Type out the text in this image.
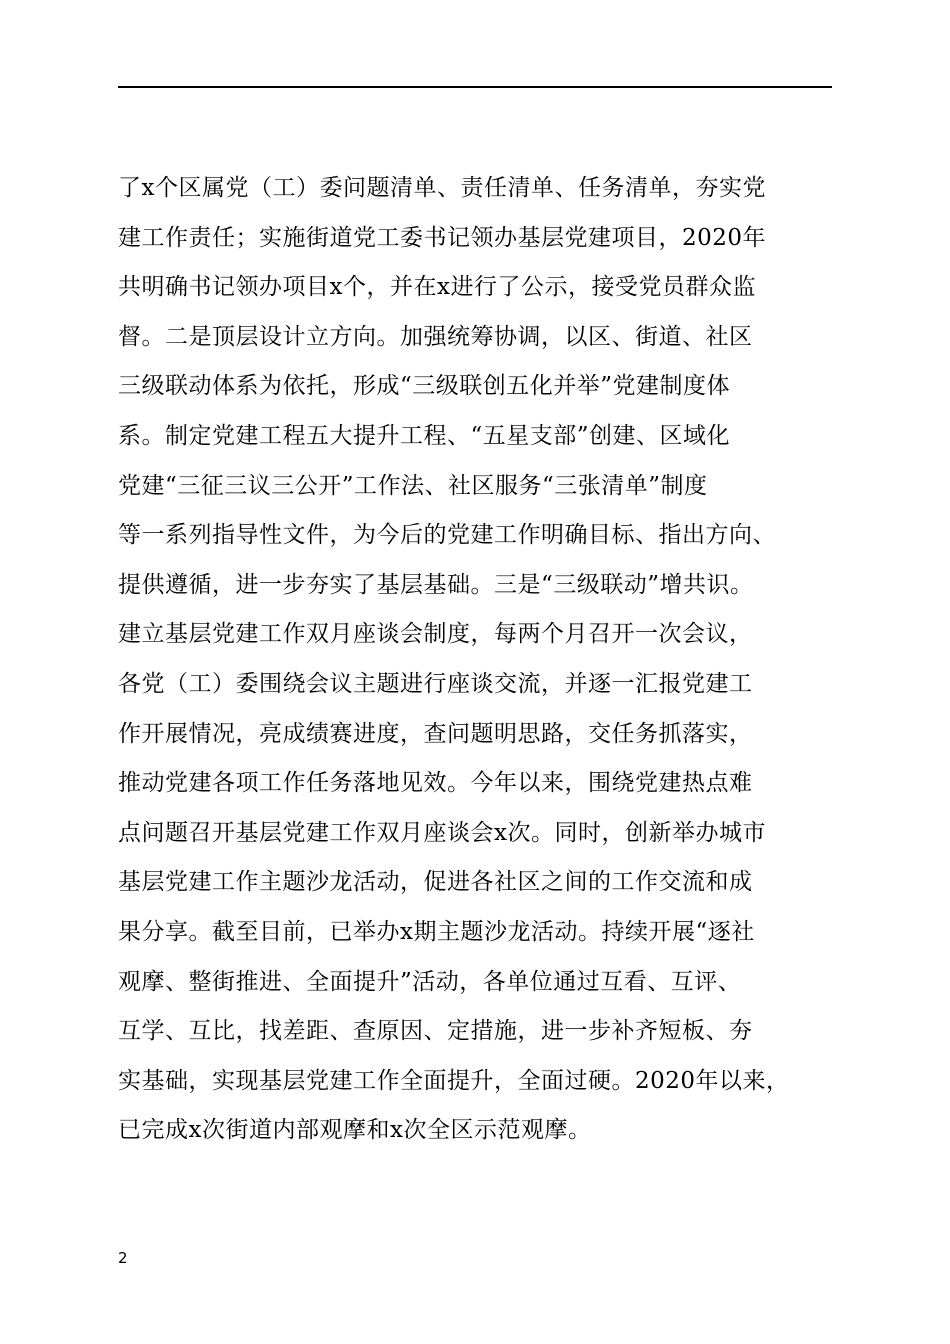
了x个区属党（工）委问题清单、责任清单、任务清单，夯实党
建工作责任；实施街道党工委书记领办基层党建项目，2020年
共明确书记领办项目x个，并在x进行了公示，接受党员群众监
督。二是顶层设计立方向。加强统筹协调，以区、街道、社区
三级联动体系为依托，形成“三级联创五化并举”党建制度体
系。制定党建工程五大提升工程、“五星支部”创建、区域化
党建“三征三议三公开”工作法、社区服务“三张清单”制度
等一系列指导性文件，为今后的党建工作明确目标、指出方向、
提供遵循，进一步夯实了基层基础。三是“三级联动”增共识。
建立基层党建工作双月座谈会制度，每两个月召开一次会议，
各党（工）委围绕会议主题进行座谈交流，并逐一汇报党建工
作开展情况，亮成绩赛进度，查问题明思路，交任务抓落实，
推动党建各项工作任务落地见效。今年以来，围绕党建热点难
点问题召开基层党建工作双月座谈会x次。同时，创新举办城市
基层党建工作主题沙龙活动，促进各社区之间的工作交流和成
果分享。截至目前，已举办x期主题沙龙活动。持续开展“逐社
观摩、整街推进、全面提升”活动，各单位通过互看、互评、
互学、互比，找差距、查原因、定措施，进一步补齐短板、夯
实基础，实现基层党建工作全面提升，全面过硬。2020年以来，
已完成x次街道内部观摩和x次全区示范观摩。
2
